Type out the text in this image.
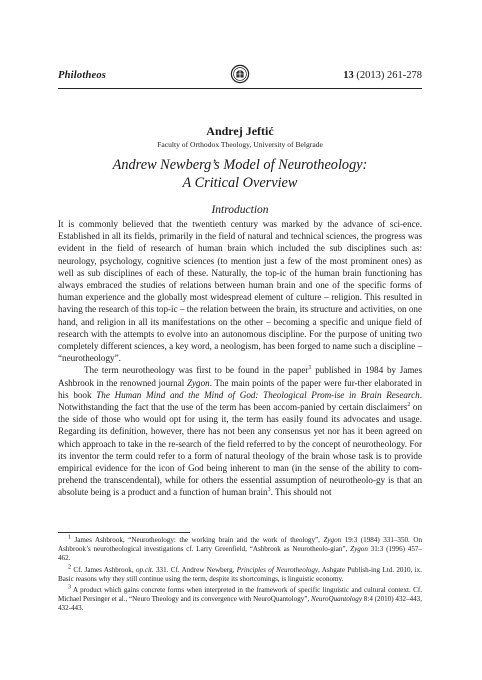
Philotheos	13 (2013) 261-278
Andrej Jeftić
Faculty of Orthodox Theology, University of Belgrade
Andrew Newberg’s Model of Neurotheology:
A Critical Overview
Introduction

It is commonly believed that the twentieth century was marked by the advance of sci-ence. Established in all its fields, primarily in the field of natural and technical sciences, the progress was evident in the field of research of human brain which included the sub disciplines such as: neurology, psychology, cognitive sciences (to mention just a few of the most prominent ones) as well as sub disciplines of each of these. Naturally, the top-ic of the human brain functioning has always embraced the studies of relations between human brain and one of the specific forms of human experience and the globally most widespread element of culture – religion. This resulted in having the research of this top-ic – the relation between the brain, its structure and activities, on one hand, and religion in all its manifestations on the other – becoming a specific and unique field of research with the attempts to evolve into an autonomous discipline. For the purpose of uniting two completely different sciences, a key word, a neologism, has been forged to name such a discipline – “neurotheology”.

The term neurotheology was first to be found in the paper$^1$ published in 1984 by James Ashbrook in the renowned journal Zygon. The main points of the paper were fur-ther elaborated in his book The Human Mind and the Mind of God: Theological Prom-ise in Brain Research. Notwithstanding the fact that the use of the term has been accom-panied by certain disclaimers$^2$ on the side of those who would opt for using it, the term has easily found its advocates and usage. Regarding its definition, however, there has not been any consensus yet nor has it been agreed on which approach to take in the re-search of the field referred to by the concept of neurotheology. For its inventor the term could refer to a form of natural theology of the brain whose task is to provide empirical evidence for the icon of God being inherent to man (in the sense of the ability to com-prehend the transcendental), while for others the essential assumption of neurotheolo-gy is that an absolute being is a product and a function of human brain$^3$. This should not

$^1$ James Ashbrook, “Neurotheology: the working brain and the work of theology”, Zygon 19:3 (1984) 331–350. On Ashbrook’s neurotheological investigations cf. Larry Greenfield, “Ashbrook as Neurotheolo-gian”, Zygon 31:3 (1996) 457–462.

$^2$ Cf. James Ashbrook, op.cit. 331. Cf. Andrew Newberg, Principles of Neurotheology, Ashgate Publish-ing Ltd. 2010, ix. Basic reasons why they still continue using the term, despite its shortcomings, is linguistic economy.

$^3$ A product which gains concrete forms when interpreted in the framework of specific linguistic and cultural context. Cf. Michael Persinger et al., “Neuro Theology and its convergence with NeuroQuantology”, NeuroQuantology 8:4 (2010) 432–443, 432-443.
